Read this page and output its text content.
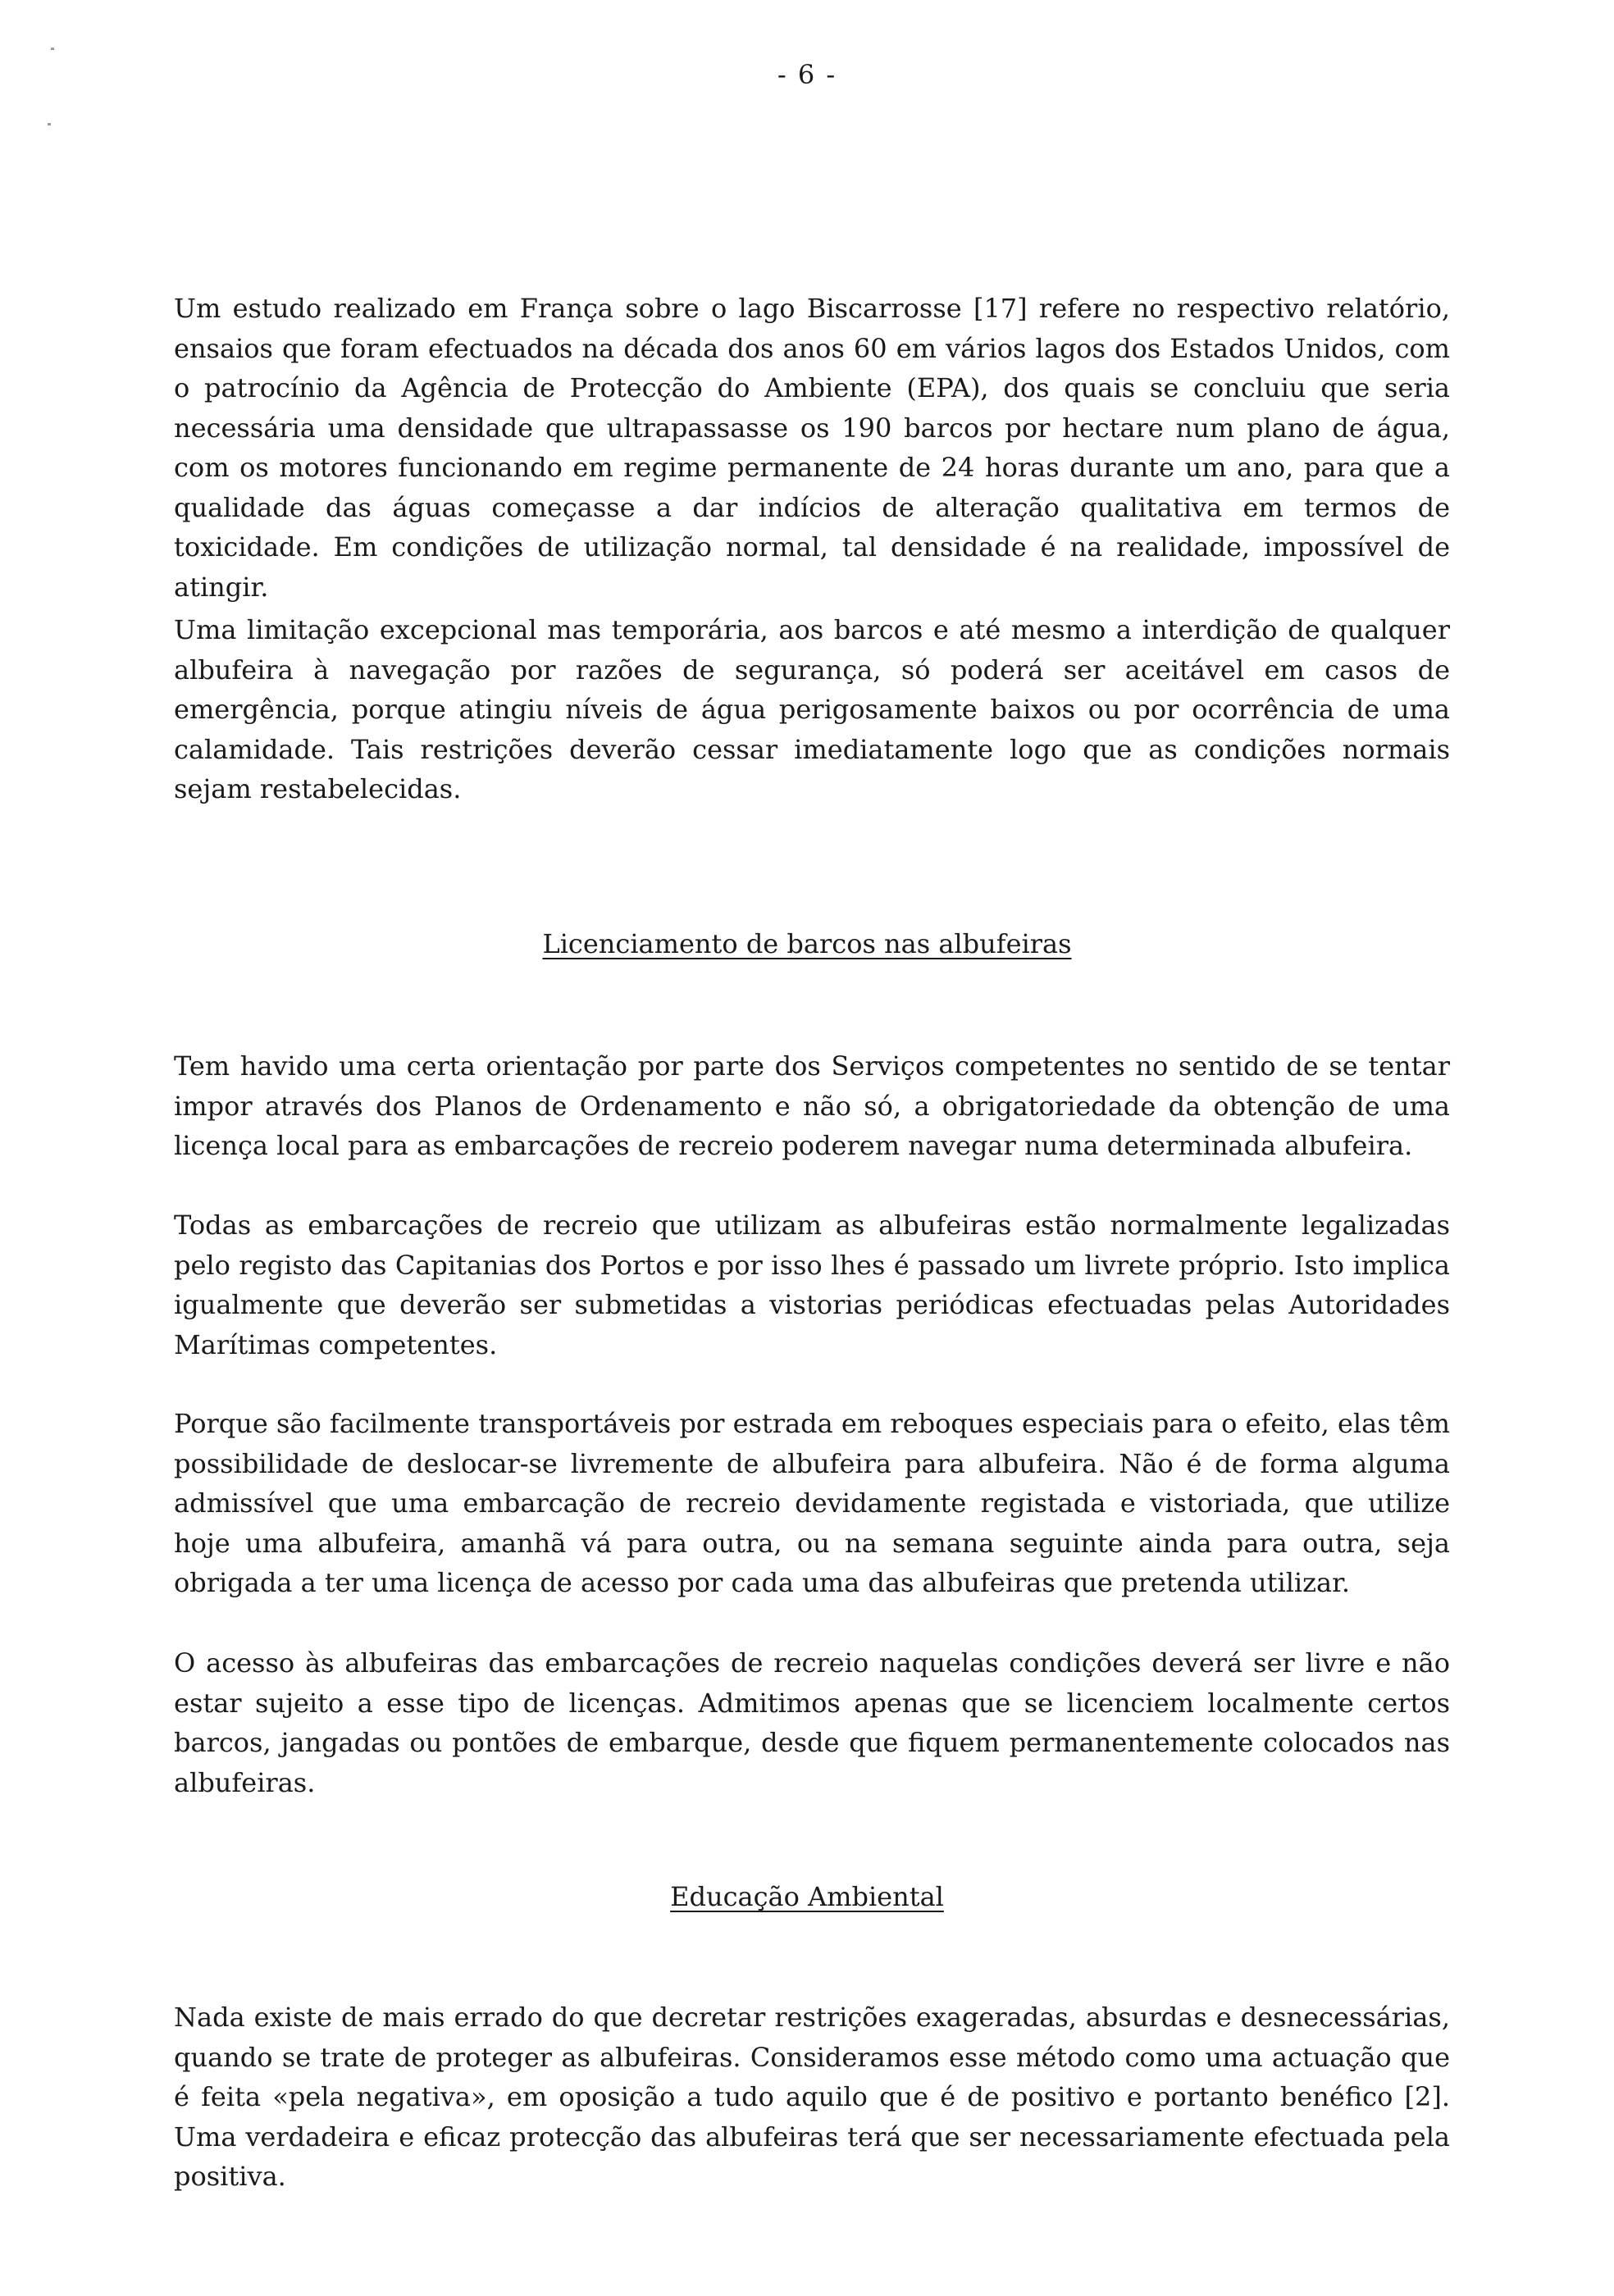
- 6 -

Um estudo realizado em França sobre o lago Biscarrosse [17] refere no respectivo relatório, ensaios que foram efectuados na década dos anos 60 em vários lagos dos Estados Unidos, com o patrocínio da Agência de Protecção do Ambiente (EPA), dos quais se concluiu que seria necessária uma densidade que ultrapassasse os 190 barcos por hectare num plano de água, com os motores funcionando em regime permanente de 24 horas durante um ano, para que a qualidade das águas começasse a dar indícios de alteração qualitativa em termos de toxicidade. Em condições de utilização normal, tal densidade é na realidade, impossível de atingir.

Uma limitação excepcional mas temporária, aos barcos e até mesmo a interdição de qualquer albufeira à navegação por razões de segurança, só poderá ser aceitável em casos de emergência, porque atingiu níveis de água perigosamente baixos ou por ocorrência de uma calamidade. Tais restrições deverão cessar imediatamente logo que as condições normais sejam restabelecidas.

Licenciamento de barcos nas albufeiras

Tem havido uma certa orientação por parte dos Serviços competentes no sentido de se tentar impor através dos Planos de Ordenamento e não só, a obrigatoriedade da obtenção de uma licença local para as embarcações de recreio poderem navegar numa determinada albufeira.

Todas as embarcações de recreio que utilizam as albufeiras estão normalmente legalizadas pelo registo das Capitanias dos Portos e por isso lhes é passado um livrete próprio. Isto implica igualmente que deverão ser submetidas a vistorias periódicas efectuadas pelas Autoridades Marítimas competentes.

Porque são facilmente transportáveis por estrada em reboques especiais para o efeito, elas têm possibilidade de deslocar-se livremente de albufeira para albufeira. Não é de forma alguma admissível que uma embarcação de recreio devidamente registada e vistoriada, que utilize hoje uma albufeira, amanhã vá para outra, ou na semana seguinte ainda para outra, seja obrigada a ter uma licença de acesso por cada uma das albufeiras que pretenda utilizar.

O acesso às albufeiras das embarcações de recreio naquelas condições deverá ser livre e não estar sujeito a esse tipo de licenças. Admitimos apenas que se licenciem localmente certos barcos, jangadas ou pontões de embarque, desde que fiquem permanentemente colocados nas albufeiras.

Educação Ambiental

Nada existe de mais errado do que decretar restrições exageradas, absurdas e desnecessárias, quando se trate de proteger as albufeiras. Consideramos esse método como uma actuação que é feita «pela negativa», em oposição a tudo aquilo que é de positivo e portanto benéfico [2]. Uma verdadeira e eficaz protecção das albufeiras terá que ser necessariamente efectuada pela positiva.
